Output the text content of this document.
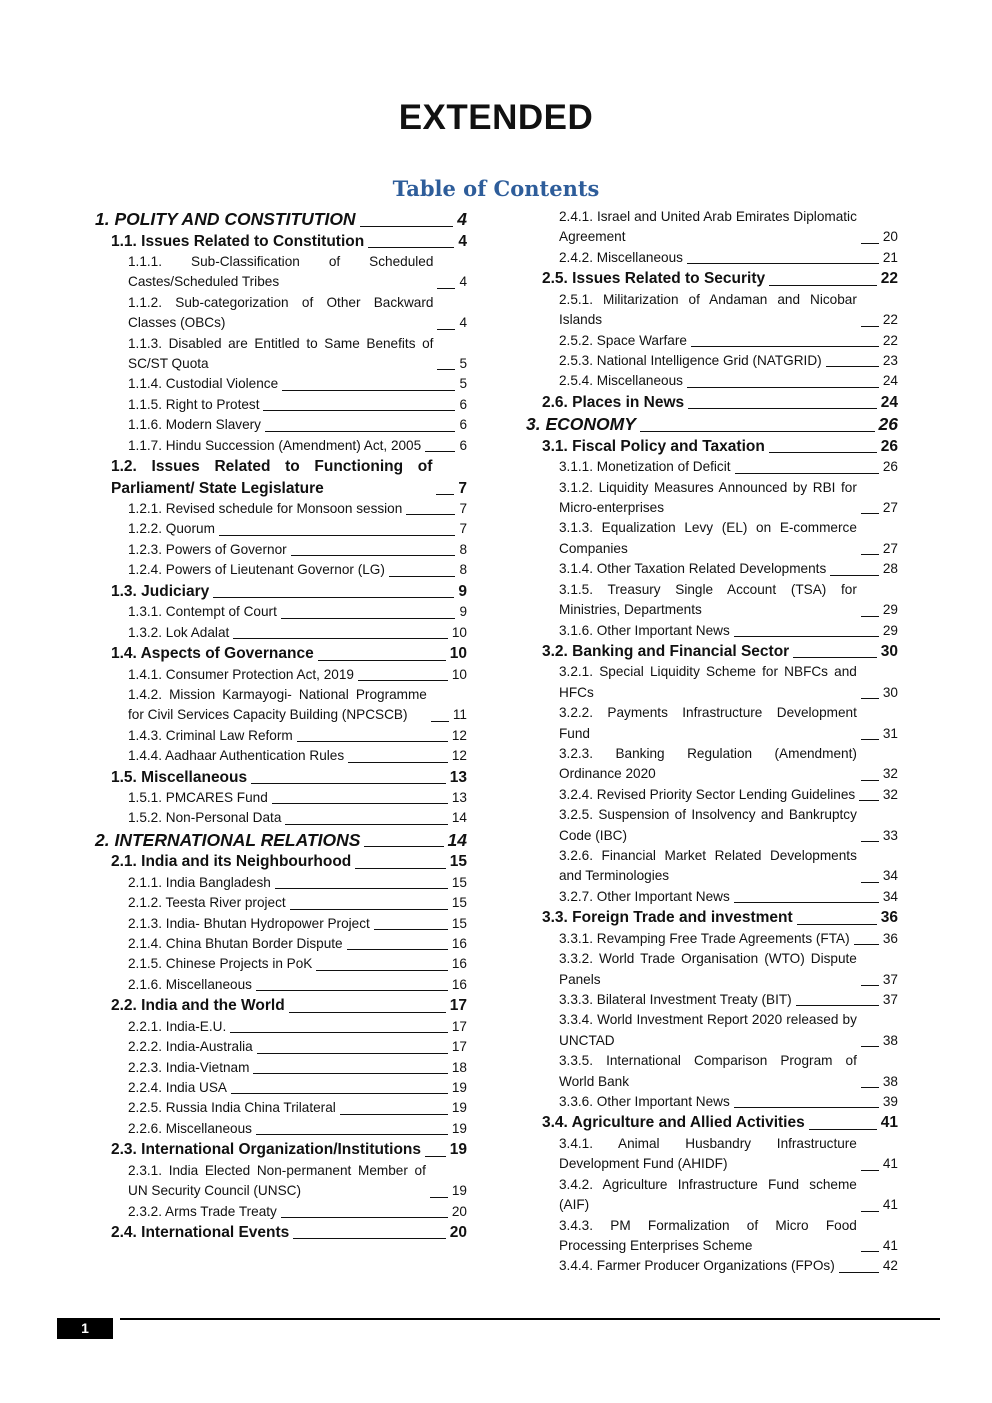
EXTENDED
Table of Contents
1. POLITY AND CONSTITUTION	4
1.1. Issues Related to Constitution	4
1.1.1. Sub-Classification of Scheduled Castes/Scheduled Tribes	4
1.1.2. Sub-categorization of Other Backward Classes (OBCs)	4
1.1.3. Disabled are Entitled to Same Benefits of SC/ST Quota	5
1.1.4. Custodial Violence	5
1.1.5. Right to Protest	6
1.1.6. Modern Slavery	6
1.1.7. Hindu Succession (Amendment) Act, 2005	6
1.2. Issues Related to Functioning of Parliament/ State Legislature	7
1.2.1. Revised schedule for Monsoon session	7
1.2.2. Quorum	7
1.2.3. Powers of Governor	8
1.2.4. Powers of Lieutenant Governor (LG)	8
1.3. Judiciary	9
1.3.1. Contempt of Court	9
1.3.2. Lok Adalat	10
1.4. Aspects of Governance	10
1.4.1. Consumer Protection Act, 2019	10
1.4.2. Mission Karmayogi- National Programme for Civil Services Capacity Building (NPCSCB)	11
1.4.3. Criminal Law Reform	12
1.4.4. Aadhaar Authentication Rules	12
1.5. Miscellaneous	13
1.5.1. PMCARES Fund	13
1.5.2. Non-Personal Data	14
2. INTERNATIONAL RELATIONS	14
2.1. India and its Neighbourhood	15
2.1.1. India Bangladesh	15
2.1.2. Teesta River project	15
2.1.3. India- Bhutan Hydropower Project	15
2.1.4. China Bhutan Border Dispute	16
2.1.5. Chinese Projects in PoK	16
2.1.6. Miscellaneous	16
2.2. India and the World	17
2.2.1. India-E.U.	17
2.2.2. India-Australia	17
2.2.3. India-Vietnam	18
2.2.4. India USA	19
2.2.5. Russia India China Trilateral	19
2.2.6. Miscellaneous	19
2.3. International Organization/Institutions 19
2.3.1. India Elected Non-permanent Member of UN Security Council (UNSC)	19
2.3.2. Arms Trade Treaty	20
2.4. International Events	20
2.4.1. Israel and United Arab Emirates Diplomatic Agreement	20
2.4.2. Miscellaneous	21
2.5. Issues Related to Security	22
2.5.1. Militarization of Andaman and Nicobar Islands	22
2.5.2. Space Warfare	22
2.5.3. National Intelligence Grid (NATGRID)	23
2.5.4. Miscellaneous	24
2.6. Places in News	24
3. ECONOMY	26
3.1. Fiscal Policy and Taxation	26
3.1.1. Monetization of Deficit	26
3.1.2. Liquidity Measures Announced by RBI for Micro-enterprises	27
3.1.3. Equalization Levy (EL) on E-commerce Companies	27
3.1.4. Other Taxation Related Developments	28
3.1.5. Treasury Single Account (TSA) for Ministries, Departments	29
3.1.6. Other Important News	29
3.2. Banking and Financial Sector	30
3.2.1. Special Liquidity Scheme for NBFCs and HFCs	30
3.2.2. Payments Infrastructure Development Fund	31
3.2.3. Banking Regulation (Amendment) Ordinance 2020	32
3.2.4. Revised Priority Sector Lending Guidelines 32
3.2.5. Suspension of Insolvency and Bankruptcy Code (IBC)	33
3.2.6. Financial Market Related Developments and Terminologies	34
3.2.7. Other Important News	34
3.3. Foreign Trade and investment	36
3.3.1. Revamping Free Trade Agreements (FTA) 36
3.3.2. World Trade Organisation (WTO) Dispute Panels	37
3.3.3. Bilateral Investment Treaty (BIT)	37
3.3.4. World Investment Report 2020 released by UNCTAD	38
3.3.5. International Comparison Program of World Bank	38
3.3.6. Other Important News	39
3.4. Agriculture and Allied Activities	41
3.4.1. Animal Husbandry Infrastructure Development Fund (AHIDF)	41
3.4.2. Agriculture Infrastructure Fund scheme (AIF)	41
3.4.3. PM Formalization of Micro Food Processing Enterprises Scheme	41
3.4.4. Farmer Producer Organizations (FPOs)	42
1
